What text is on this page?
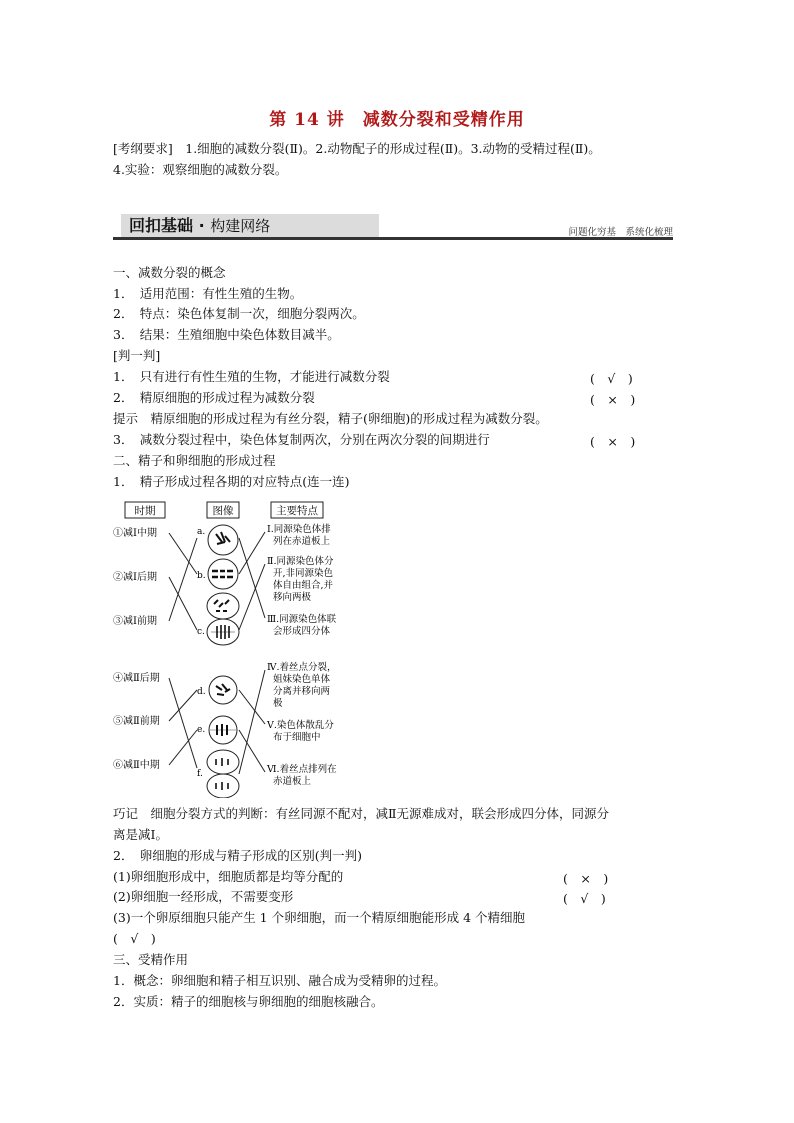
第 14 讲　减数分裂和受精作用
[考纲要求]　1.细胞的减数分裂(Ⅱ)。2.动物配子的形成过程(Ⅱ)。3.动物的受精过程(Ⅱ)。
4.实验：观察细胞的减数分裂。
回扣基础 · 构建网络	问题化穷基　系统化梳理
一、减数分裂的概念
1．　适用范围：有性生殖的生物。
2．　特点：染色体复制一次，细胞分裂两次。
3．　结果：生殖细胞中染色体数目减半。
[判一判]
1．　只有进行有性生殖的生物，才能进行减数分裂	(　√　)
2．　精原细胞的形成过程为减数分裂	(　×　)
提示　精原细胞的形成过程为有丝分裂，精子(卵细胞)的形成过程为减数分裂。
3．　减数分裂过程中，染色体复制两次，分别在两次分裂的间期进行	(　×　)
二、精子和卵细胞的形成过程
1．　精子形成过程各期的对应特点(连一连)
时期	图像	主要特点
①减Ⅰ中期
②减Ⅰ后期
③减Ⅰ前期
④减Ⅱ后期
⑤减Ⅱ前期
⑥减Ⅱ中期
a.
b.
c.
d.
e.
f.
Ⅰ.同源染色体排
列在赤道板上
Ⅱ.同源染色体分
开,非同源染色
体自由组合,并
移向两极
Ⅲ.同源染色体联
会形成四分体
Ⅳ.着丝点分裂，
姐妹染色单体
分离并移向两
极
Ⅴ.染色体散乱分
布于细胞中
Ⅵ.着丝点排列在
赤道板上
巧记　细胞分裂方式的判断：有丝同源不配对，减Ⅱ无源难成对，联会形成四分体，同源分
离是减Ⅰ。
2．　卵细胞的形成与精子形成的区别(判一判)
(1)卵细胞形成中，细胞质都是均等分配的	(　×　)
(2)卵细胞一经形成，不需要变形	(　√　)
(3)一个卵原细胞只能产生 1 个卵细胞，而一个精原细胞能形成 4 个精细胞
(　√　)
三、受精作用
1．概念：卵细胞和精子相互识别、融合成为受精卵的过程。
2．实质：精子的细胞核与卵细胞的细胞核融合。
